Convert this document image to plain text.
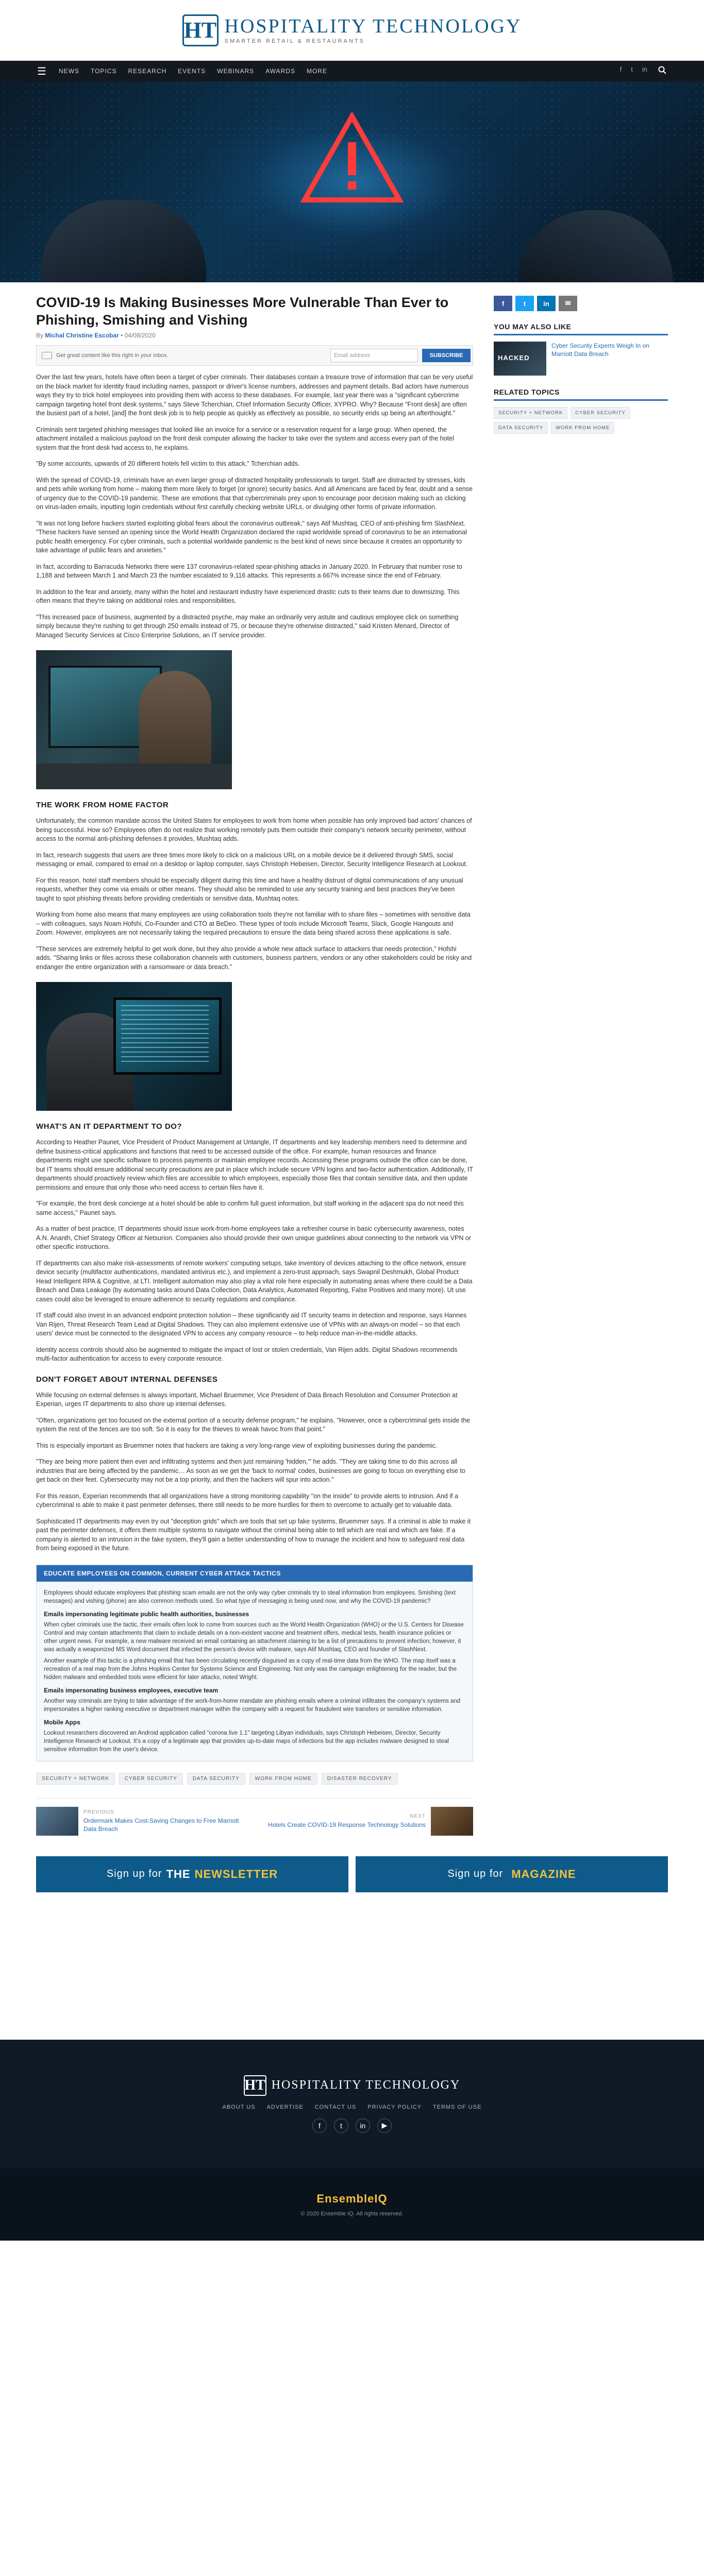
HT HOSPITALITY TECHNOLOGY
SMARTER RETAIL & RESTAURANTS
☰ NEWS TOPICS RESEARCH EVENTS WEBINARS AWARDS MORE	f t in
COVID-19 Is Making Businesses More Vulnerable Than Ever to Phishing, Smishing and Vishing
By Michal Christine Escobar • 04/08/2020
Get great content like this right in your inbox.	Email address	SUBSCRIBE

Over the last few years, hotels have often been a target of cyber criminals. Their databases contain a treasure trove of information that can be very useful on the black market for identity fraud including names, passport or driver's license numbers, addresses and payment details. Bad actors have numerous ways they try to trick hotel employees into providing them with access to these databases. For example, last year there was a "significant cybercrime campaign targeting hotel front desk systems," says Steve Tcherchian, Chief Information Security Officer, XYPRO. Why? Because "Front desk] are often the busiest part of a hotel, [and] the front desk job is to help people as quickly as effectively as possible, so security ends up being an afterthought."

Criminals sent targeted phishing messages that looked like an invoice for a service or a reservation request for a large group. When opened, the attachment installed a malicious payload on the front desk computer allowing the hacker to take over the system and access every part of the hotel system that the front desk had access to, he explains.

"By some accounts, upwards of 20 different hotels fell victim to this attack," Tcherchian adds.

With the spread of COVID-19, criminals have an even larger group of distracted hospitality professionals to target. Staff are distracted by stresses, kids and pets while working from home – making them more likely to forget (or ignore) security basics. And all Americans are faced by fear, doubt and a sense of urgency due to the COVID-19 pandemic. These are emotions that that cybercriminals prey upon to encourage poor decision making such as clicking on virus-laden emails, inputting login credentials without first carefully checking website URLs, or divulging other forms of private information.

"It was not long before hackers started exploiting global fears about the coronavirus outbreak," says Atif Mushtaq, CEO of anti-phishing firm SlashNext. "These hackers have sensed an opening since the World Health Organization declared the rapid worldwide spread of coronavirus to be an international public health emergency. For cyber criminals, such a potential worldwide pandemic is the best kind of news since because it creates an opportunity to take advantage of public fears and anxieties."

In fact, according to Barracuda Networks there were 137 coronavirus-related spear-phishing attacks in January 2020. In February that number rose to 1,188 and between March 1 and March 23 the number escalated to 9,116 attacks. This represents a 667% increase since the end of February.

In addition to the fear and anxiety, many within the hotel and restaurant industry have experienced drastic cuts to their teams due to downsizing. This often means that they're taking on additional roles and responsibilities.

"This increased pace of business, augmented by a distracted psyche, may make an ordinarily very astute and cautious employee click on something simply because they're rushing to get through 250 emails instead of 75, or because they're otherwise distracted," said Kristen Menard, Director of Managed Security Services at Cisco Enterprise Solutions, an IT service provider.

THE WORK FROM HOME FACTOR

Unfortunately, the common mandate across the United States for employees to work from home when possible has only improved bad actors' chances of being successful. How so? Employees often do not realize that working remotely puts them outside their company's network security perimeter, without access to the normal anti-phishing defenses it provides, Mushtaq adds.

In fact, research suggests that users are three times more likely to click on a malicious URL on a mobile device be it delivered through SMS, social messaging or email, compared to email on a desktop or laptop computer, says Christoph Hebeisen, Director, Security Intelligence Research at Lookout.

For this reason, hotel staff members should be especially diligent during this time and have a healthy distrust of digital communications of any unusual requests, whether they come via emails or other means. They should also be reminded to use any security training and best practices they've been taught to spot phishing threats before providing credentials or sensitive data, Mushtaq notes.

Working from home also means that many employees are using collaboration tools they're not familiar with to share files – sometimes with sensitive data – with colleagues, says Noam Hofshi, Co-Founder and CTO at BeDeo. These types of tools include Microsoft Teams, Slack, Google Hangouts and Zoom. However, employees are not necessarily taking the required precautions to ensure the data being shared across these applications is safe.

"These services are extremely helpful to get work done, but they also provide a whole new attack surface to attackers that needs protection," Hofshi adds. "Sharing links or files across these collaboration channels with customers, business partners, vendors or any other stakeholders could be risky and endanger the entire organization with a ransomware or data breach."

WHAT'S AN IT DEPARTMENT TO DO?

According to Heather Paunet, Vice President of Product Management at Untangle, IT departments and key leadership members need to determine and define business-critical applications and functions that need to be accessed outside of the office. For example, human resources and finance departments might use specific software to process payments or maintain employee records. Accessing these programs outside the office can be done, but IT teams should ensure additional security precautions are put in place which include secure VPN logins and two-factor authentication. Additionally, IT departments should proactively review which files are accessible to which employees, especially those files that contain sensitive data, and then update permissions and ensure that only those who need access to certain files have it.

"For example, the front desk concierge at a hotel should be able to confirm full guest information, but staff working in the adjacent spa do not need this same access," Paunet says.

As a matter of best practice, IT departments should issue work-from-home employees take a refresher course in basic cybersecurity awareness, notes A.N. Ananth, Chief Strategy Officer at Netsurion. Companies also should provide their own unique guidelines about connecting to the network via VPN or other specific instructions.

IT departments can also make risk-assessments of remote workers' computing setups, take inventory of devices attaching to the office network, ensure device security (multifactor authentications, mandated antivirus etc.), and implement a zero-trust approach, says Swapnil Deshmukh, Global Product Head Intelligent RPA & Cognitive, at LTI. Intelligent automation may also play a vital role here especially in automating areas where there could be a Data Breach and Data Leakage (by automating tasks around Data Collection, Data Analytics, Automated Reporting, False Positives and many more). Ut use cases could also be leveraged to ensure adherence to security regulations and compliance.

IT staff could also invest in an advanced endpoint protection solution – these significantly aid IT security teams in detection and response, says Hannes Van Rijen, Threat Research Team Lead at Digital Shadows. They can also implement extensive use of VPNs with an always-on model – so that each users' device must be connected to the designated VPN to access any company resource – to help reduce man-in-the-middle attacks.

Identity access controls should also be augmented to mitigate the impact of lost or stolen credentials, Van Rijen adds. Digital Shadows recommends multi-factor authentication for access to every corporate resource.

DON'T FORGET ABOUT INTERNAL DEFENSES

While focusing on external defenses is always important, Michael Bruemmer, Vice President of Data Breach Resolution and Consumer Protection at Experian, urges IT departments to also shore up internal defenses.

"Often, organizations get too focused on the external portion of a security defense program," he explains. "However, once a cybercriminal gets inside the system the rest of the fences are too soft. So it is easy for the thieves to wreak havoc from that point."

This is especially important as Bruemmer notes that hackers are taking a very long-range view of exploiting businesses during the pandemic.

"They are being more patient then ever and infiltrating systems and then just remaining 'hidden,'" he adds. "They are taking time to do this across all industries that are being affected by the pandemic… As soon as we get the 'back to normal' codes, businesses are going to focus on everything else to get back on their feet. Cybersecurity may not be a top priority, and then the hackers will spur into action."

For this reason, Experian recommends that all organizations have a strong monitoring capability "on the inside" to provide alerts to intrusion. And if a cybercriminal is able to make it past perimeter defenses, there still needs to be more hurdles for them to overcome to actually get to valuable data.

Sophisticated IT departments may even try out "deception grids" which are tools that set up fake systems, Bruemmer says. If a criminal is able to make it past the perimeter defenses, it offers them multiple systems to navigate without the criminal being able to tell which are real and which are fake. If a company is alerted to an intrusion in the fake system, they'll gain a better understanding of how to manage the incident and how to safeguard real data from being exposed in the future.

EDUCATE EMPLOYEES ON COMMON, CURRENT CYBER ATTACK TACTICS

Employees should educate employees that phishing scam emails are not the only way cyber criminals try to steal information from employees. Smishing (text messages) and vishing (phone) are also common methods used. So what type of messaging is being used now, and why the COVID-19 pandemic?

Emails impersonating legitimate public health authorities, businesses

When cyber criminals use the tactic, their emails often look to come from sources such as the World Health Organization (WHO) or the U.S. Centers for Disease Control and may contain attachments that claim to include details on a non-existent vaccine and treatment offers, medical tests, health insurance policies or other urgent news. For example, a new malware received an email containing an attachment claiming to be a list of precautions to prevent infection; however, it was actually a weaponized MS Word document that infected the person's device with malware, says Atif Mushtaq, CEO and founder of SlashNext.

Another example of this tactic is a phishing email that has been circulating recently disguised as a copy of real-time data from the WHO. The map itself was a recreation of a real map from the Johns Hopkins Center for Systems Science and Engineering. Not only was the campaign enlightening for the reader, but the hidden malware and embedded tools were efficient for later attacks, noted Wright.

Emails impersonating business employees, executive team

Another way criminals are trying to take advantage of the work-from-home mandate are phishing emails where a criminal infiltrates the company's systems and impersonates a higher ranking executive or department manager within the company with a request for fraudulent wire transfers or sensitive information.

Mobile Apps

Lookout researchers discovered an Android application called "corona live 1.1" targeting Libyan individuals, says Christoph Hebeisen, Director, Security Intelligence Research at Lookout. It's a copy of a legitimate app that provides up-to-date maps of infections but the app includes malware designed to steal sensitive information from the user's device.

SECURITY + NETWORK	CYBER SECURITY	DATA SECURITY	WORK FROM HOME	DISASTER RECOVERY
PREVIOUS
Ordermark Makes Cost-Saving Changes to Free Marriott Data Breach
NEXT
Hotels Create COVID-19 Response Technology Solutions
f	t	in	✉
YOU MAY ALSO LIKE
HACKED
Cyber Security Experts Weigh In on Marriott Data Breach
RELATED TOPICS
SECURITY + NETWORK	CYBER SECURITY
DATA SECURITY	WORK FROM HOME
Sign up for THE NEWSLETTER	Sign up for MAGAZINE
HT HOSPITALITY TECHNOLOGY
ABOUT US ADVERTISE CONTACT US PRIVACY POLICY TERMS OF USE
f	t	in	▶
EnsembleIQ
© 2020 Ensemble IQ. All rights reserved.
